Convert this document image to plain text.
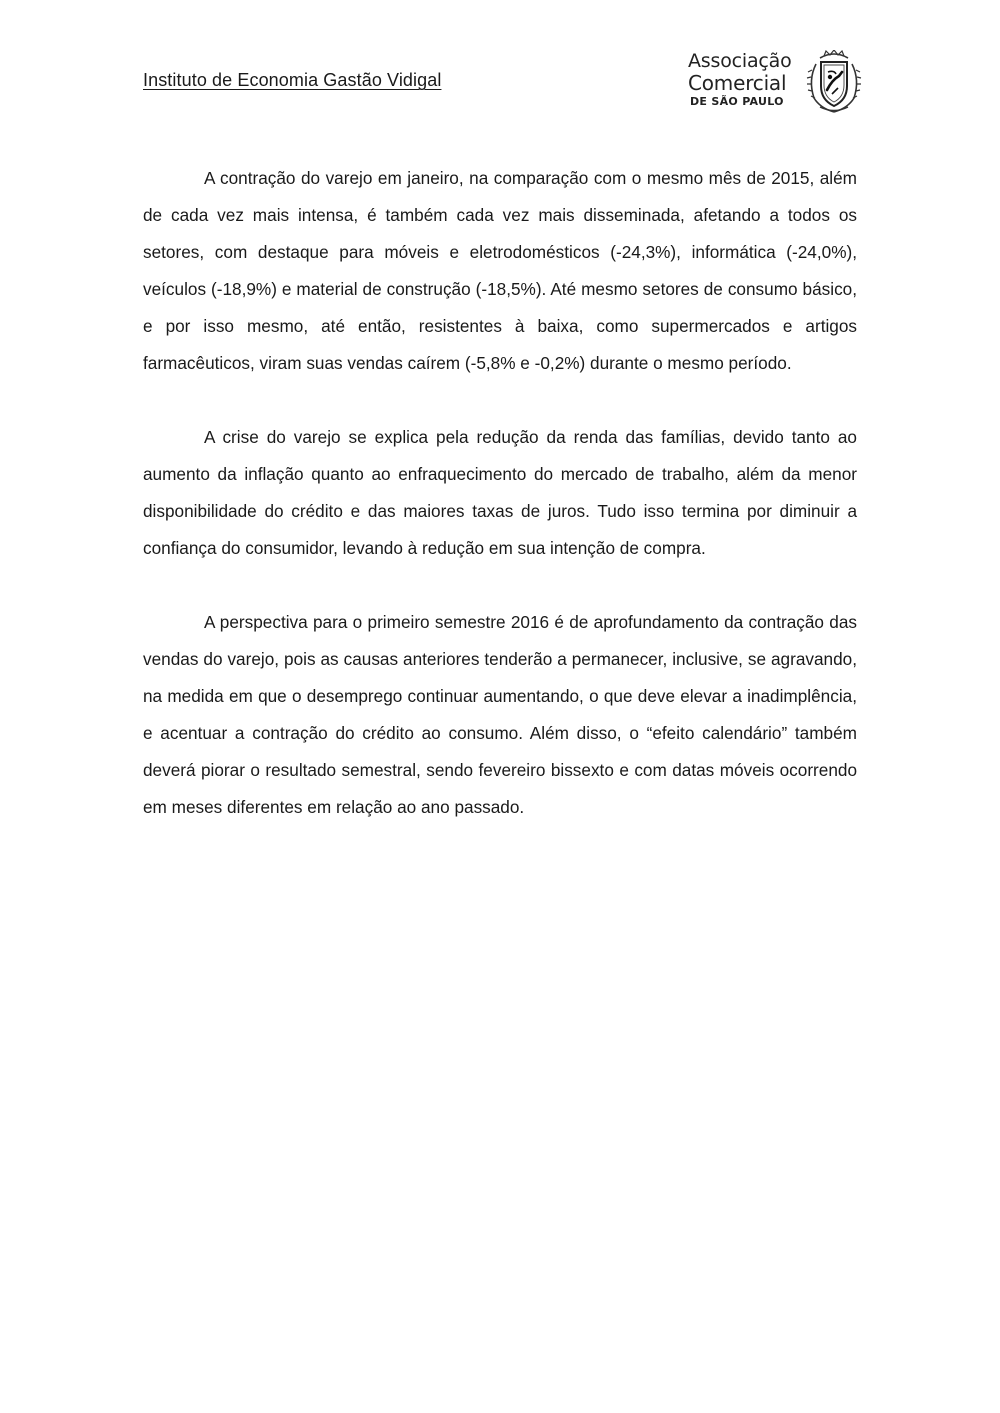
Instituto de Economia Gastão Vidigal
Associação
Comercial
DE SÃO PAULO

A contração do varejo em janeiro, na comparação com o mesmo mês de 2015, além de cada vez mais intensa, é também cada vez mais disseminada, afetando a todos os setores, com destaque para móveis e eletrodomésticos (-24,3%), informática (-24,0%), veículos (-18,9%) e material de construção (-18,5%). Até mesmo setores de consumo básico, e por isso mesmo, até então, resistentes à baixa, como supermercados e artigos farmacêuticos, viram suas vendas caírem (-5,8% e -0,2%) durante o mesmo período.

A crise do varejo se explica pela redução da renda das famílias, devido tanto ao aumento da inflação quanto ao enfraquecimento do mercado de trabalho, além da menor disponibilidade do crédito e das maiores taxas de juros. Tudo isso termina por diminuir a confiança do consumidor, levando à redução em sua intenção de compra.

A perspectiva para o primeiro semestre 2016 é de aprofundamento da contração das vendas do varejo, pois as causas anteriores tenderão a permanecer, inclusive, se agravando, na medida em que o desemprego continuar aumentando, o que deve elevar a inadimplência, e acentuar a contração do crédito ao consumo. Além disso, o “efeito calendário” também deverá piorar o resultado semestral, sendo fevereiro bissexto e com datas móveis ocorrendo em meses diferentes em relação ao ano passado.
